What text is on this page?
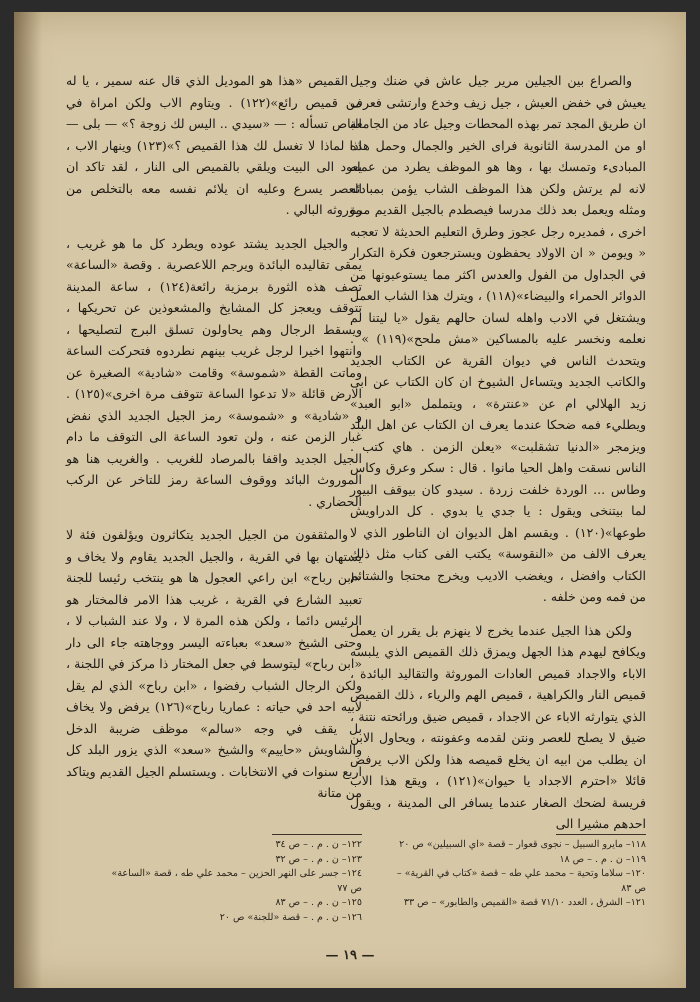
والصراع بين الجيلين مرير جيل عاش في ضنك وجيل يعيش في خفض العيش ، جيل زيف وخدع وارتشى فعرف ان طريق المجد تمر بهذه المحطات وجيل عاد من الجامعة او من المدرسة الثانوية فراى الخير والجمال وحمل هذه المبادىء وتمسك بها ، وها هو الموظف يطرد من عمله لانه لم يرتش ولكن هذا الموظف الشاب يؤمن بمبادئه ومثله ويعمل بعد ذلك مدرسا فيصطدم بالجيل القديم مرة اخرى ، فمديره رجل عجوز وطرق التعليم الحديثة لا تعجبه « ويومن « ان الاولاد يحفظون ويسترجعون فكرة التكرار في الجداول من الفول والعدس اكثر مما يستوعبونها من الدوائر الحمراء والبيضاء»(١١٨) ، ويترك هذا الشاب العمل ويشتغل في الادب واهله لسان حالهم يقول «يا ليتنا لم نعلمه ونخسر عليه بالمساكين «مش ملحح»(١١٩) » . ويتحدث الناس في ديوان القرية عن الكتاب الجديد والكاتب الجديد ويتساءل الشيوخ ان كان الكتاب عن ابى زيد الهلالي ام عن «عنترة» ، ويتململ «ابو العبد» ويطليء فمه ضحكا عندما يعرف ان الكتاب عن اهل البلد ويزمجر «الدنيا تشقلبت» «يعلن الزمن . هاي كتب . الناس نسقت واهل الحيا مانوا . قال : سكر وعرق وكاس وطاس ... الوردة خلفت زردة . سيدو كان بيوقف البيور لما بيتنخى ويقول : يا جدي يا بدوي . كل الدراويش طوعها»(١٢٠) . ويقسم اهل الديوان ان الناطور الذي لا يعرف الالف من «النقوسة» يكتب الفى كتاب مثل ذلك الكتاب وافضل ، ويغضب الاديب ويخرج محتجا والشتائم من فمه ومن خلفه .

ولكن هذا الجيل عندما يخرج لا ينهزم بل يقرر ان يعمل ويكافح ليهدم هذا الجهل ويمزق ذلك القميص الذي يلبسه الاباء والاجداد قميص العادات الموروثة والتقاليد البائدة ، قميص النار والكراهية ، قميص الهم والرياء ، ذلك القميص الذي يتوارثه الاباء عن الاجداد ، قميص ضيق ورائحته نتنة ، ضيق لا يصلح للعصر ونتن لقدمه وعفونته ، ويحاول الابن ان يطلب من ابيه ان يخلع قميصه هذا ولكن الاب يرفض قائلا «احترم الاجداد يا حيوان»(١٢١) ، ويقع هذا الاب فريسة لضحك الصغار عندما يسافر الى المدينة ، ويقول احدهم مشيرا الى

القميص «هذا هو الموديل الذي قال عنه سمير ، يا له من قميص رائع»(١٢٢) . ويتاوم الاب ولكن امراة في الباص تسأله : — «سيدي .. اليس لك زوجة ؟» — بلى — اذا لماذا لا تغسل لك هذا القميص ؟»(١٢٣) وينهار الاب ، يعود الى البيت ويلقي بالقميص الى النار ، لقد تاكد ان العصر يسرع وعليه ان يلائم نفسه معه بالتخلص من موروثه البالي .

والجيل الجديد يشتد عوده ويطرد كل ما هو غريب ، يمقى تقاليده البائدة ويرجم اللاعصرية . وقصة «الساعة» تصف هذه الثورة برمزية رائعة(١٢٤) ، ساعة المدينة تتوقف ويعجز كل المشايخ والمشعوذين عن تحريكها ، ويسقط الرجال وهم يحاولون تسلق البرج لتصليحها ، وانتهوا اخيرا لرجل غريب بينهم نطردوه فتحركت الساعة وماتت القطة «شموسة» وقامت «شادية» الصغيرة عن الارض قائلة «لا تدعوا الساعة تتوقف مرة اخرى»(١٢٥) . و «شادية» و «شموسة» رمز الجيل الجديد الذي نفض غبار الزمن عنه ، ولن تعود الساعة الى التوقف ما دام الجيل الجديد واقفا بالمرصاد للغريب . والغريب هنا هو الموروث البائد ووقوف الساعة رمز للتاخر عن الركب الحضاري .

والمثقفون من الجيل الجديد يتكاثرون ويؤلفون فئة لا يستهان بها في القرية ، والجيل الجديد يقاوم ولا يخاف و «ابن رباح» ابن راعي العجول ها هو ينتخب رئيسا للجنة تعبيد الشارع في القرية ، غريب هذا الامر فالمختار هو الرئيس دائما ، ولكن هذه المرة لا ، ولا عند الشباب لا ، وحتى الشيخ «سعد» بعباءته اليسر ووجاهته جاء الى دار «ابن رباح» ليتوسط في جعل المختار ذا مركز في اللجنة ، ولكن الرجال الشباب رفضوا ، «ابن رباح» الذي لم يقل لابيه احد في حياته : عماريا رباح»(١٢٦) يرفض ولا يخاف بل يقف في وجه «سالم» موظف ضريبة الدخل والشاويش «حاييم» والشيخ «سعد» الذي يزور البلد كل اربع سنوات في الانتخابات . ويستسلم الجيل القديم ويتاكد من متانة

١١٨– مايرو السبيل – نجوى قعوار – قصة «اي السبيلين» ص ٢٠
١١٩– ن . م . – ص ١٨
١٢٠– سلاما وتحية – محمد علي طه – قصة «كتاب في القرية» –
ص ٨٣
١٢١– الشرق ، العدد ٧١/١٠ قصة «القميص والطابور» – ص ٣٣
١٢٢– ن . م . – ص ٣٤
١٢٣– ن . م . – ص ٣٢
١٢٤– جسر على النهر الحزين – محمد علي طه ، قصة «الساعة»
ص ٧٧
١٢٥– ن . م . – ص ٨٣
١٢٦– ن . م . – قصة «للجنة» ص ٢٠
— ١٩ —
